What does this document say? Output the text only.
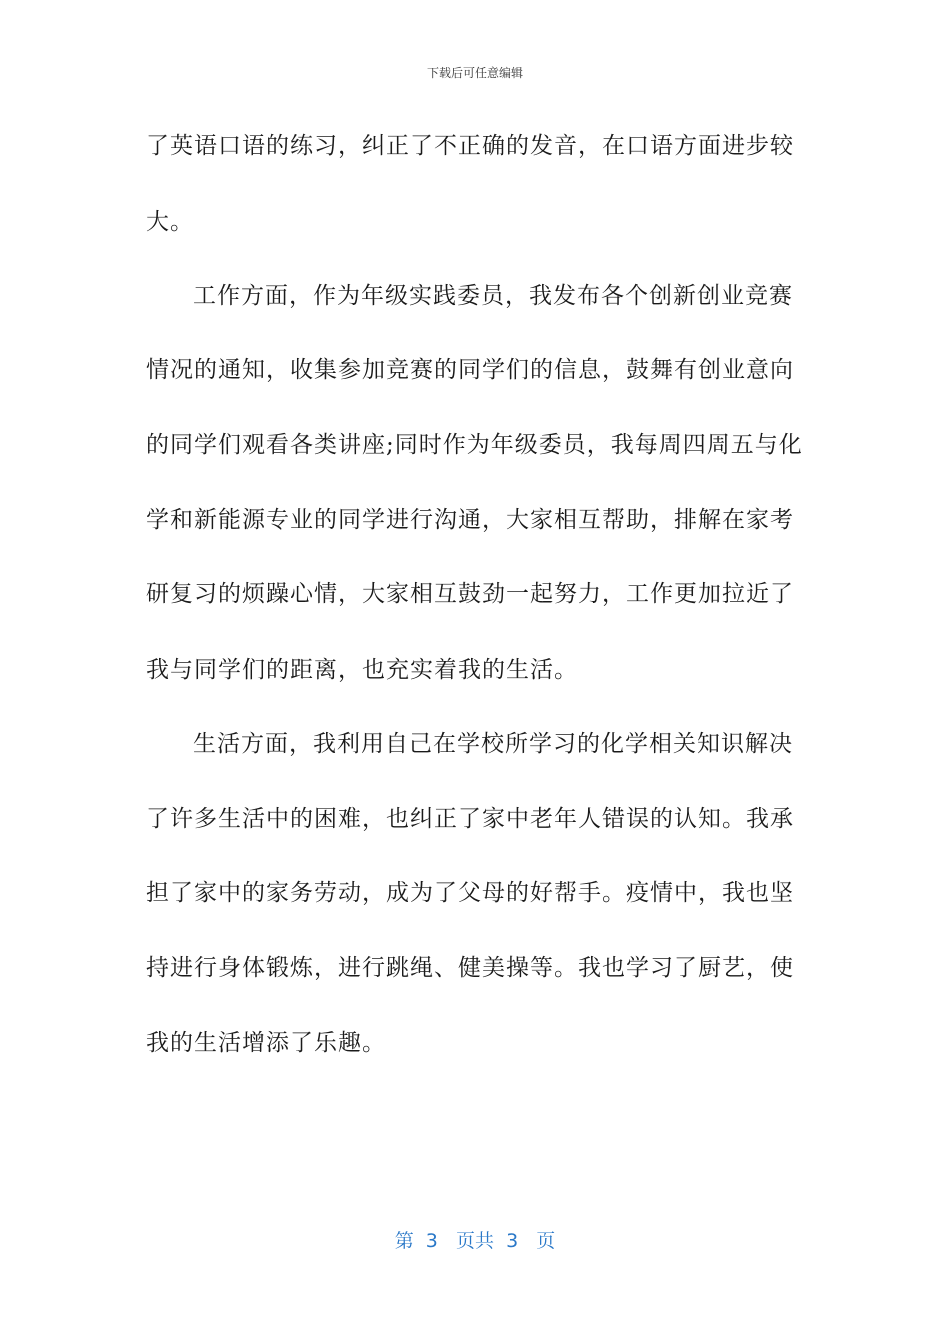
下载后可任意编辑
了英语口语的练习，纠正了不正确的发音，在口语方面进步较
大。
工作方面，作为年级实践委员，我发布各个创新创业竞赛
情况的通知，收集参加竞赛的同学们的信息，鼓舞有创业意向
的同学们观看各类讲座;同时作为年级委员，我每周四周五与化
学和新能源专业的同学进行沟通，大家相互帮助，排解在家考
研复习的烦躁心情，大家相互鼓劲一起努力，工作更加拉近了
我与同学们的距离，也充实着我的生活。
生活方面，我利用自己在学校所学习的化学相关知识解决
了许多生活中的困难，也纠正了家中老年人错误的认知。我承
担了家中的家务劳动，成为了父母的好帮手。疫情中，我也坚
持进行身体锻炼，进行跳绳、健美操等。我也学习了厨艺，使
我的生活增添了乐趣。
第  3   页共  3   页
